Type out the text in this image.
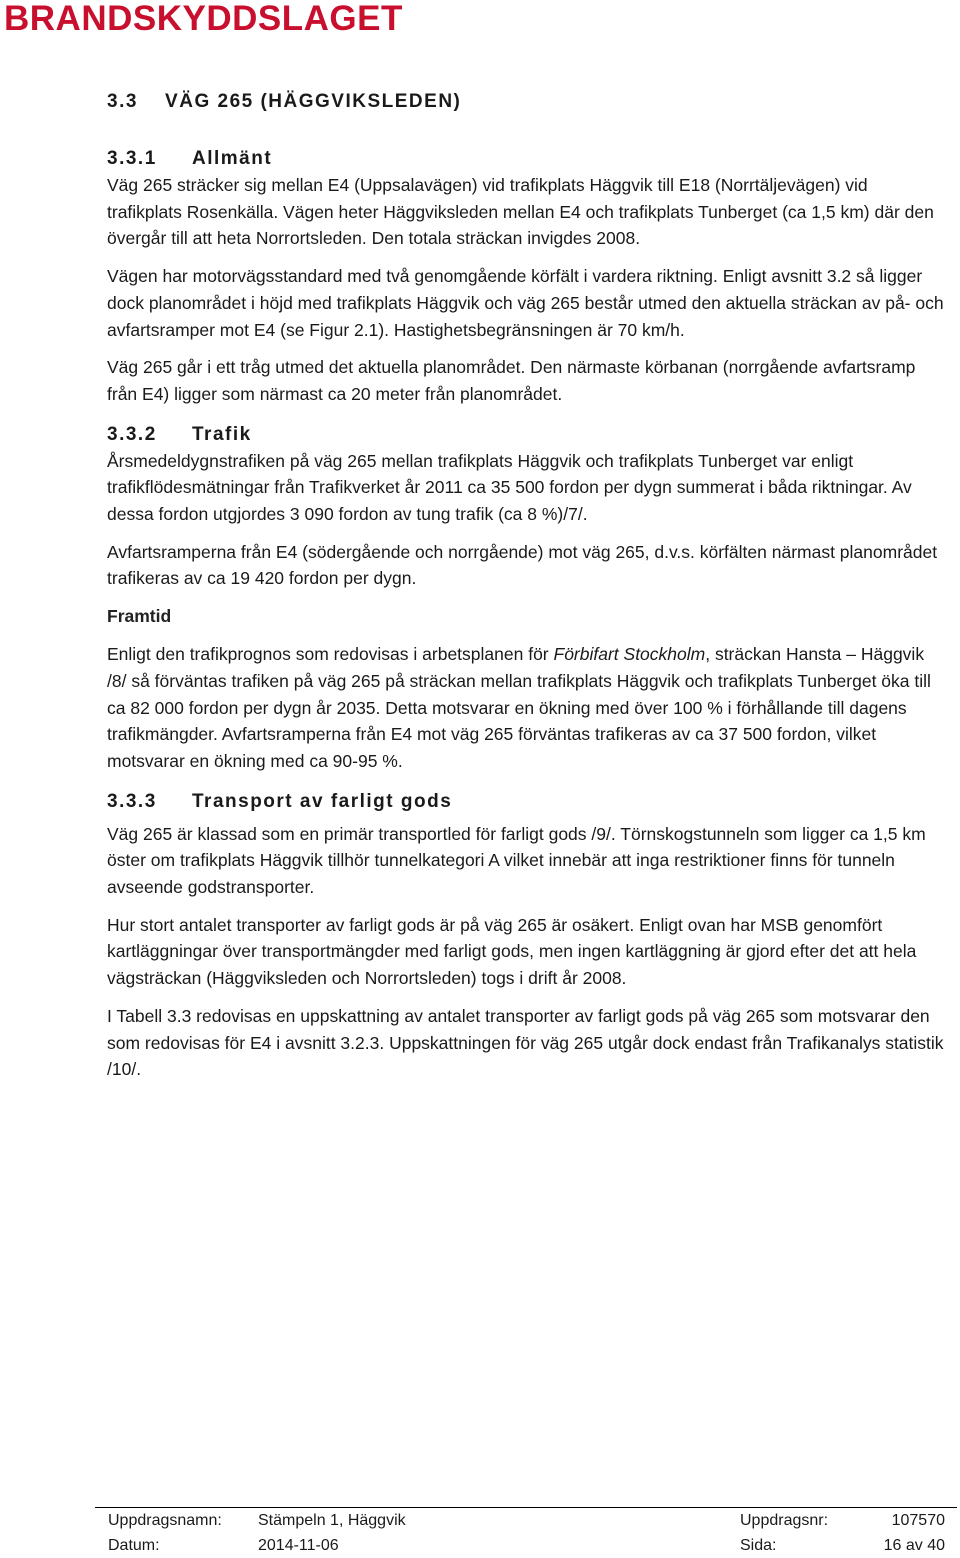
BRANDSKYDDSLAGET
3.3 VÄG 265 (HÄGGVIKSLEDEN)
3.3.1 Allmänt

Väg 265 sträcker sig mellan E4 (Uppsalavägen) vid trafikplats Häggvik till E18 (Norrtäljevägen) vid trafikplats Rosenkälla. Vägen heter Häggviksleden mellan E4 och trafikplats Tunberget (ca 1,5 km) där den övergår till att heta Norrortsleden. Den totala sträckan invigdes 2008.

Vägen har motorvägsstandard med två genomgående körfält i vardera riktning. Enligt avsnitt 3.2 så ligger dock planområdet i höjd med trafikplats Häggvik och väg 265 består utmed den aktuella sträckan av på- och avfartsramper mot E4 (se Figur 2.1). Hastighetsbegränsningen är 70 km/h.

Väg 265 går i ett tråg utmed det aktuella planområdet. Den närmaste körbanan (norrgående avfartsramp från E4) ligger som närmast ca 20 meter från planområdet.

3.3.2 Trafik

Årsmedeldygnstrafiken på väg 265 mellan trafikplats Häggvik och trafikplats Tunberget var enligt trafikflödesmätningar från Trafikverket år 2011 ca 35 500 fordon per dygn summerat i båda riktningar. Av dessa fordon utgjordes 3 090 fordon av tung trafik (ca 8 %)/7/.

Avfartsramperna från E4 (södergående och norrgående) mot väg 265, d.v.s. körfälten närmast planområdet trafikeras av ca 19 420 fordon per dygn.

Framtid

Enligt den trafikprognos som redovisas i arbetsplanen för Förbifart Stockholm, sträckan Hansta – Häggvik /8/ så förväntas trafiken på väg 265 på sträckan mellan trafikplats Häggvik och trafikplats Tunberget öka till ca 82 000 fordon per dygn år 2035. Detta motsvarar en ökning med över 100 % i förhållande till dagens trafikmängder. Avfartsramperna från E4 mot väg 265 förväntas trafikeras av ca 37 500 fordon, vilket motsvarar en ökning med ca 90-95 %.

3.3.3 Transport av farligt gods

Väg 265 är klassad som en primär transportled för farligt gods /9/. Törnskogstunneln som ligger ca 1,5 km öster om trafikplats Häggvik tillhör tunnelkategori A vilket innebär att inga restriktioner finns för tunneln avseende godstransporter.

Hur stort antalet transporter av farligt gods är på väg 265 är osäkert. Enligt ovan har MSB genomfört kartläggningar över transportmängder med farligt gods, men ingen kartläggning är gjord efter det att hela vägsträckan (Häggviksleden och Norrortsleden) togs i drift år 2008.

I Tabell 3.3 redovisas en uppskattning av antalet transporter av farligt gods på väg 265 som motsvarar den som redovisas för E4 i avsnitt 3.2.3. Uppskattningen för väg 265 utgår dock endast från Trafikanalys statistik /10/.

Uppdragsnamn: Stämpeln 1, Häggvik	Uppdragsnr:	107570
Datum:	2014-11-06	Sida:	16 av 40
